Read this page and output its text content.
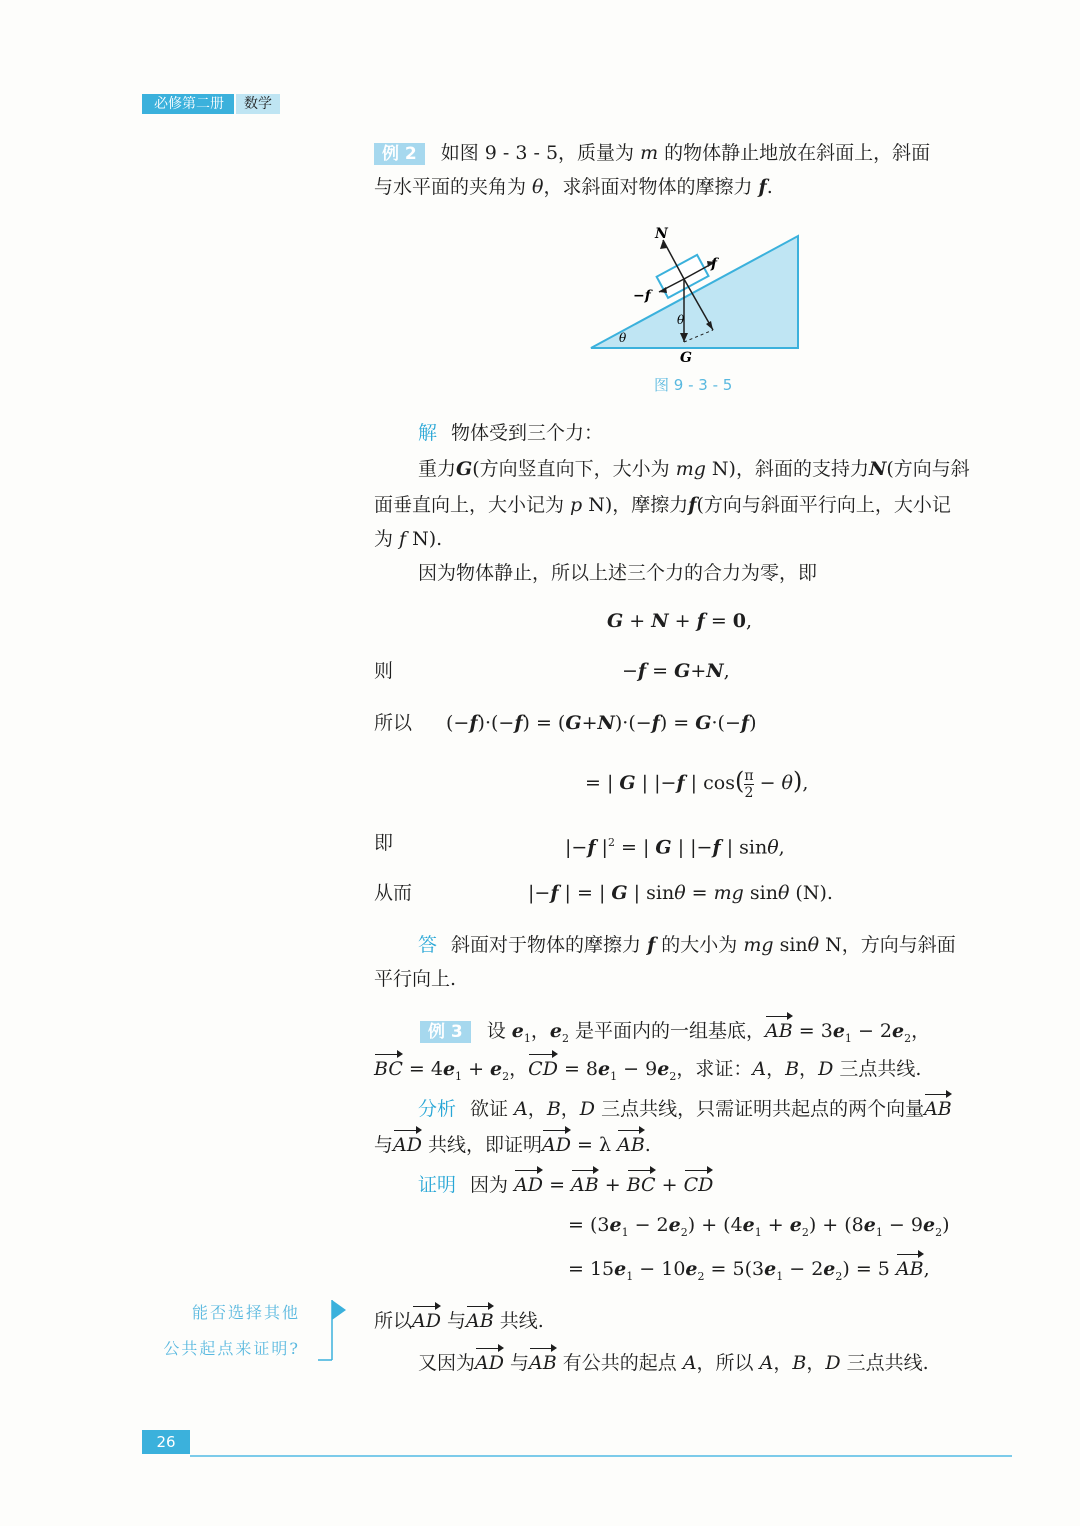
必修第二册	数学
例 2 如图 9 - 3 - 5，质量为 m 的物体静止地放在斜面上，斜面
与水平面的夹角为 θ，求斜面对物体的摩擦力 f.
N
f
−f
θ
θ
G
图 9 - 3 - 5
解 物体受到三个力：
重力G(方向竖直向下，大小为 mg N)，斜面的支持力N(方向与斜
面垂直向上，大小记为 p N)，摩擦力f(方向与斜面平行向上，大小记
为 f N).
因为物体静止，所以上述三个力的合力为零，即
G + N + f = 0,
则	−f = G+N,
所以 (−f)·(−f) = (G+N)·(−f) = G·(−f)
= | G | |−f | $\cos( \frac{\pi}{2} - \theta)$,
即	|−f $|^2$ = | G | |−f | sinθ,
从而	|−f | = | G | sinθ = mg sinθ (N).
答 斜面对于物体的摩擦力 f 的大小为 mg sinθ N，方向与斜面
平行向上.
例 3 设 $e_1$，$e_2$ 是平面内的一组基底，AB = $3e_1 - 2e_2$，
BC = $4e_1 + e_2$，CD = $8e_1 - 9e_2$，求证：A，B，D 三点共线.
分析 欲证 A，B，D 三点共线，只需证明共起点的两个向量AB
与AD 共线，即证明AD = λ AB.
证明 因为 AD = AB + BC + CD
= $(3e_1 - 2e_2) + (4e_1 + e_2) + (8e_1 - 9e_2)$
= $15e_1 - 10e_2 = 5(3e_1 - 2e_2) = 5$ AB,
所以AD 与AB 共线.
又因为AD 与AB 有公共的起点 A，所以 A，B，D 三点共线.
能否选择其他
公共起点来证明?
26
